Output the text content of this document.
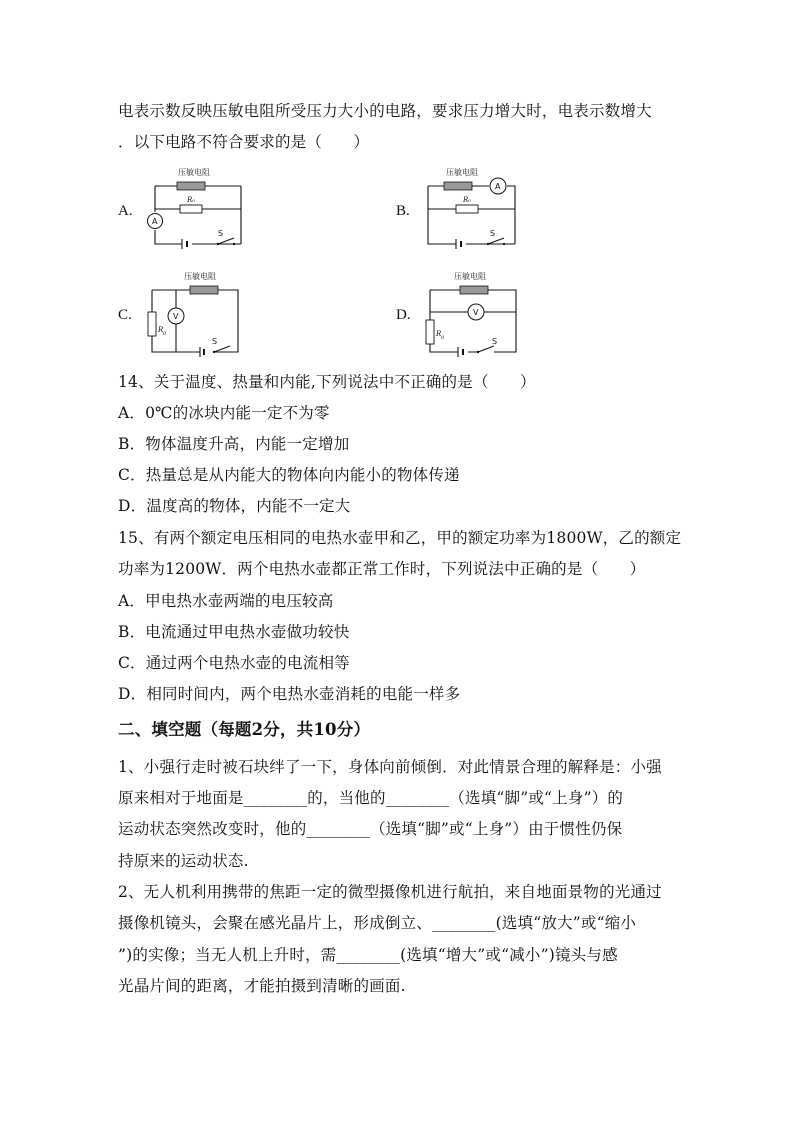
电表示数反映压敏电阻所受压力大小的电路，要求压力增大时，电表示数增大
．以下电路不符合要求的是（　　）
A.	B.
C.	D.
压敏电阻
R₀
A
S
压敏电阻
A
R₀
S
压敏电阻
R 0
V
S
压敏电阻
V
R 0	S
14、关于温度、热量和内能,下列说法中不正确的是（　　）
A．0℃的冰块内能一定不为零
B．物体温度升高，内能一定增加
C．热量总是从内能大的物体向内能小的物体传递
D．温度高的物体，内能不一定大
15、有两个额定电压相同的电热水壶甲和乙，甲的额定功率为1800W，乙的额定
功率为1200W．两个电热水壶都正常工作时，下列说法中正确的是（　　）
A．甲电热水壶两端的电压较高
B．电流通过甲电热水壶做功较快
C．通过两个电热水壶的电流相等
D．相同时间内，两个电热水壶消耗的电能一样多
二、填空题（每题2分，共10分）
1、小强行走时被石块绊了一下，身体向前倾倒．对此情景合理的解释是：小强
原来相对于地面是________的，当他的________（选填“脚”或“上身”）的
运动状态突然改变时，他的________（选填“脚”或“上身”）由于惯性仍保
持原来的运动状态.
2、无人机利用携带的焦距一定的微型摄像机进行航拍，来自地面景物的光通过
摄像机镜头，会聚在感光晶片上，形成倒立、________(选填“放大”或“缩小
”)的实像；当无人机上升时，需________(选填“增大”或“减小”)镜头与感
光晶片间的距离，才能拍摄到清晰的画面.
